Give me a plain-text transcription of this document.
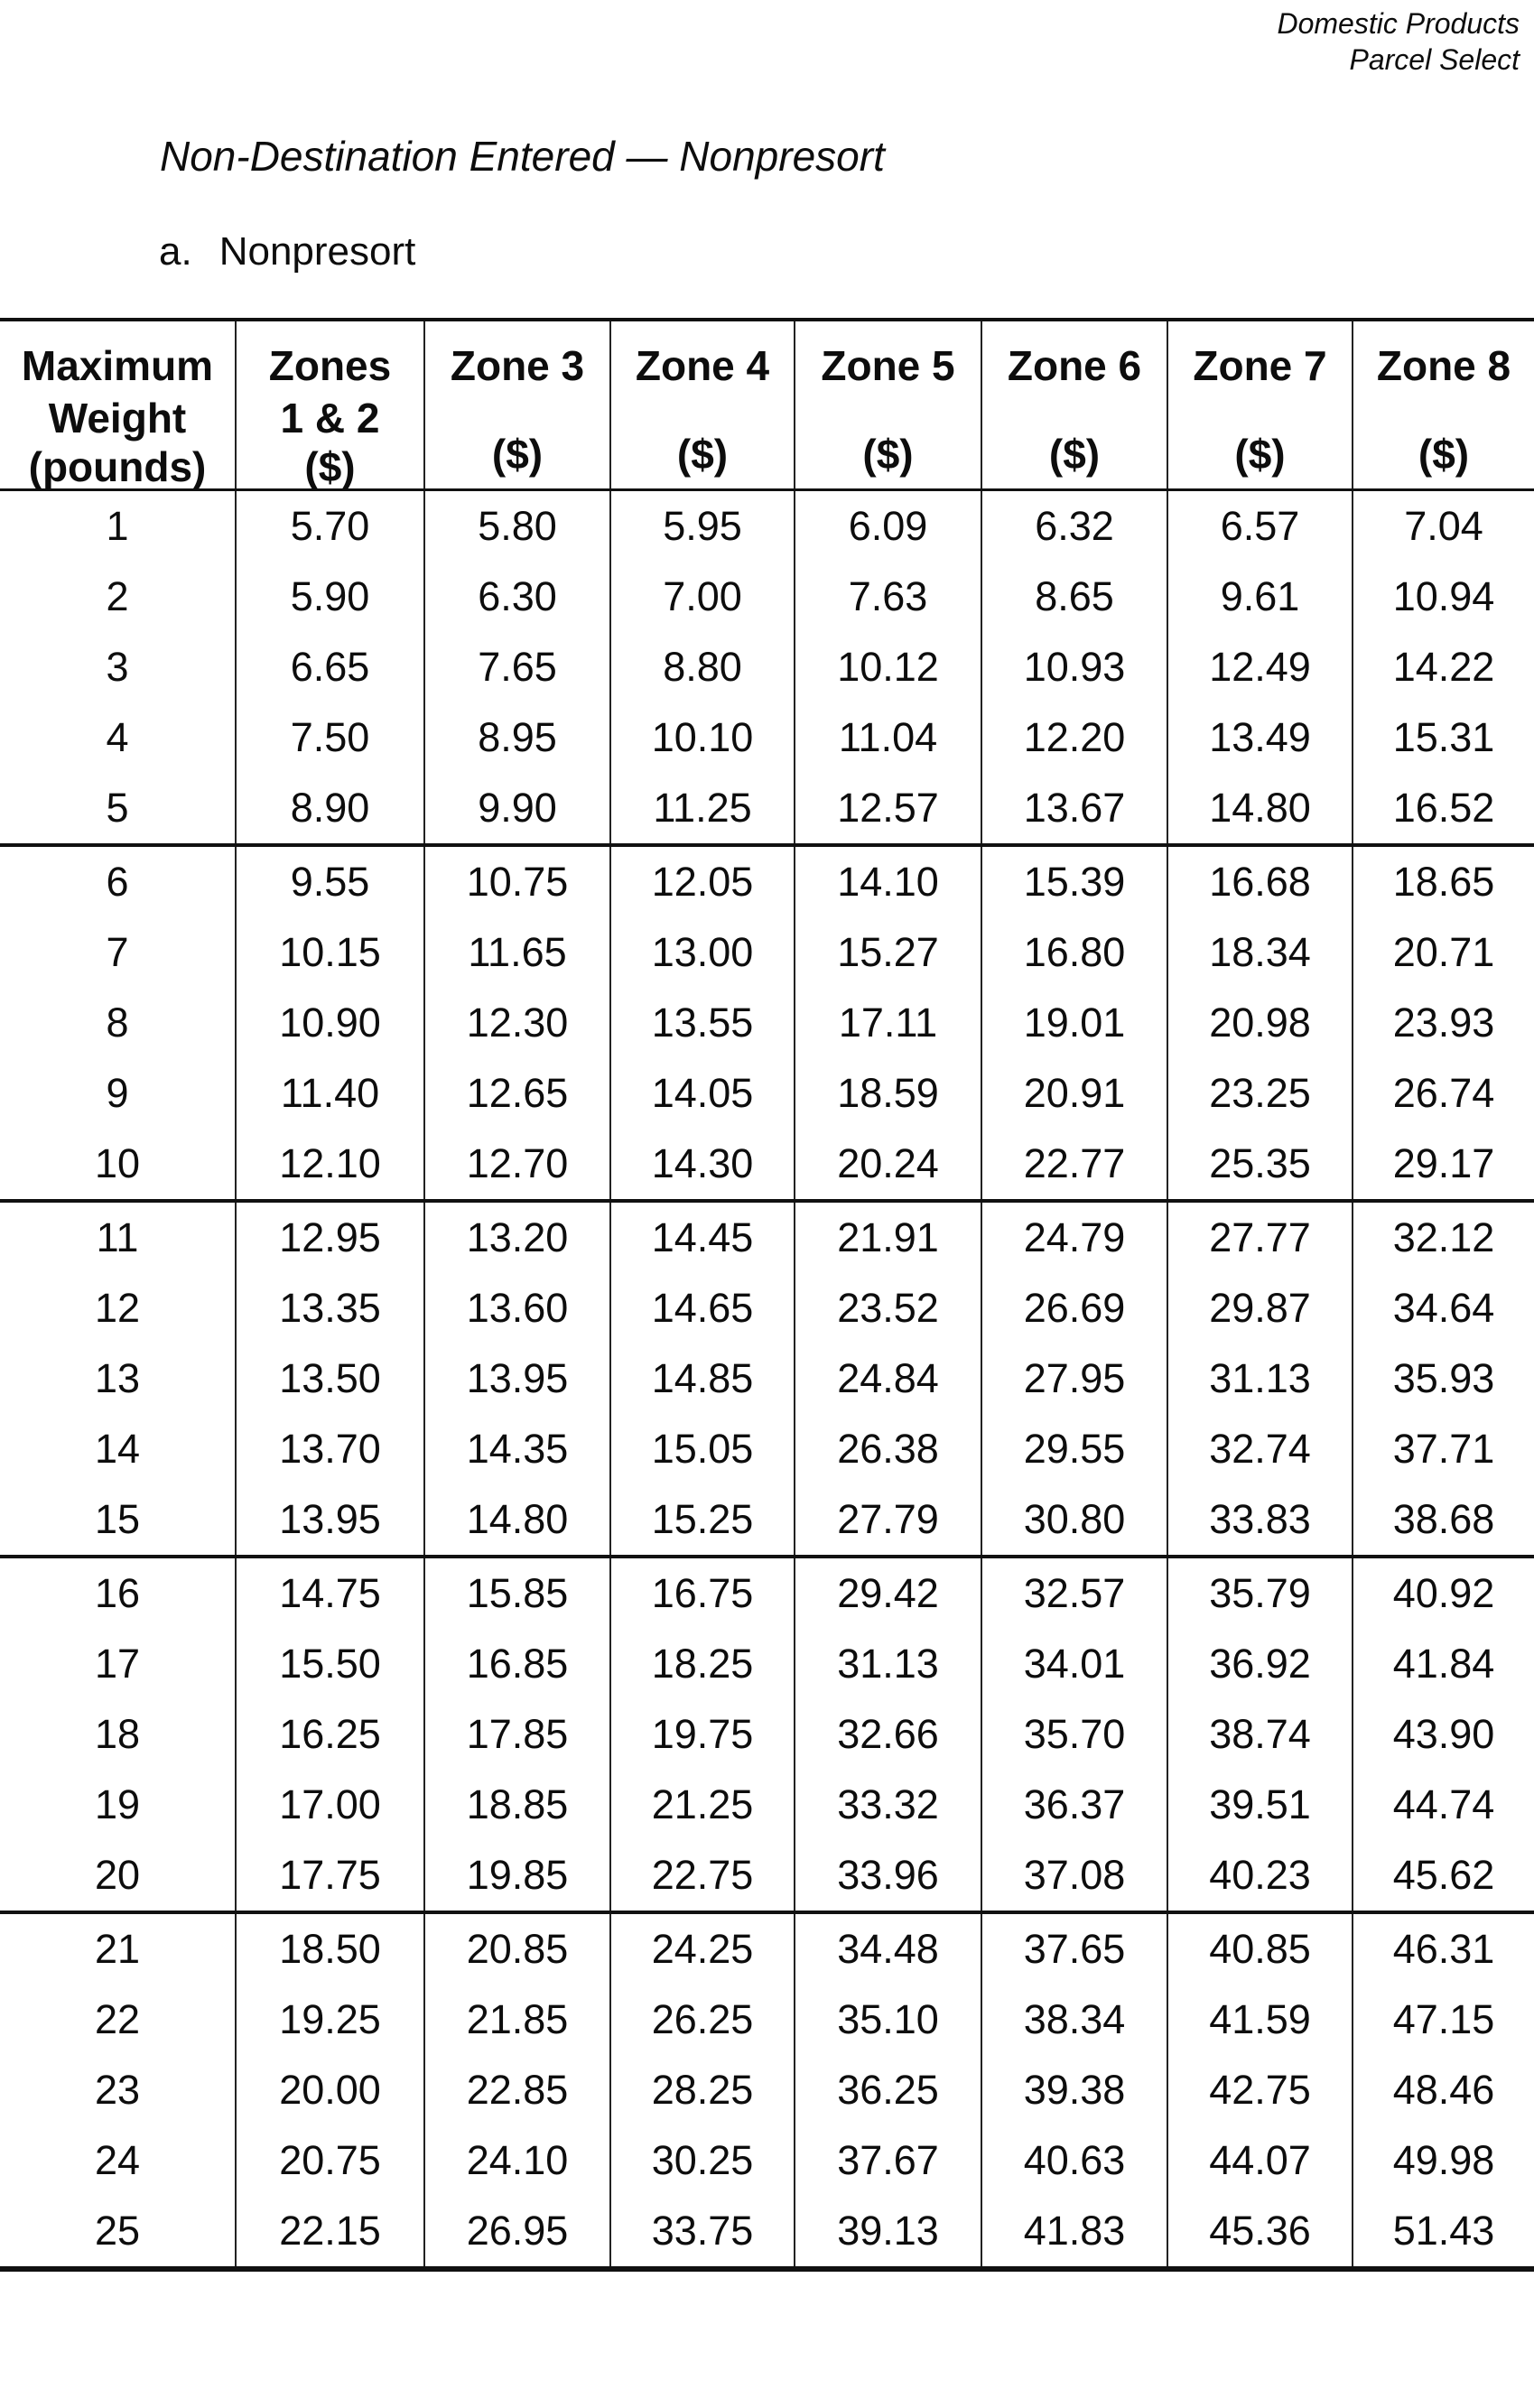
Domestic Products
Parcel Select
Non-Destination Entered — Nonpresort
a. Nonpresort
Maximum
Weight
(pounds)

Zones
1 & 2
($)

Zone 3
($)

Zone 4
($)

Zone 5
($)

Zone 6
($)

Zone 7
($)

Zone 8
($)

1	5.70	5.80	5.95	6.09	6.32	6.57	7.04
2	5.90	6.30	7.00	7.63	8.65	9.61	10.94
3	6.65	7.65	8.80	10.12	10.93	12.49	14.22
4	7.50	8.95	10.10	11.04	12.20	13.49	15.31
5	8.90	9.90	11.25	12.57	13.67	14.80	16.52
6	9.55	10.75	12.05	14.10	15.39	16.68	18.65
7	10.15	11.65	13.00	15.27	16.80	18.34	20.71
8	10.90	12.30	13.55	17.11	19.01	20.98	23.93
9	11.40	12.65	14.05	18.59	20.91	23.25	26.74
10	12.10	12.70	14.30	20.24	22.77	25.35	29.17
11	12.95	13.20	14.45	21.91	24.79	27.77	32.12
12	13.35	13.60	14.65	23.52	26.69	29.87	34.64
13	13.50	13.95	14.85	24.84	27.95	31.13	35.93
14	13.70	14.35	15.05	26.38	29.55	32.74	37.71
15	13.95	14.80	15.25	27.79	30.80	33.83	38.68
16	14.75	15.85	16.75	29.42	32.57	35.79	40.92
17	15.50	16.85	18.25	31.13	34.01	36.92	41.84
18	16.25	17.85	19.75	32.66	35.70	38.74	43.90
19	17.00	18.85	21.25	33.32	36.37	39.51	44.74
20	17.75	19.85	22.75	33.96	37.08	40.23	45.62
21	18.50	20.85	24.25	34.48	37.65	40.85	46.31
22	19.25	21.85	26.25	35.10	38.34	41.59	47.15
23	20.00	22.85	28.25	36.25	39.38	42.75	48.46
24	20.75	24.10	30.25	37.67	40.63	44.07	49.98
25	22.15	26.95	33.75	39.13	41.83	45.36	51.43
